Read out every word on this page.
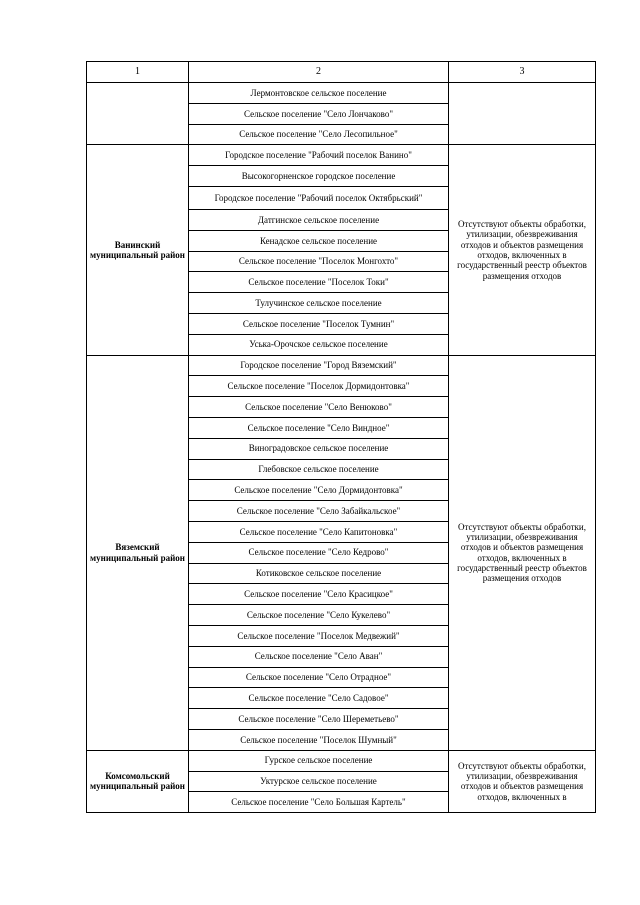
1	2	3
	Лермонтовское сельское поселение	
	Сельское поселение "Село Лончаково"	
	Сельское поселение "Село Лесопильное"	
Ванинский муниципальный район	Городское поселение "Рабочий поселок Ванино"	Отсутствуют объекты обработки, утилизации, обезвреживания отходов и объектов размещения отходов, включенных в государственный реестр объектов размещения отходов
	Высокогорненское городское поселение	
	Городское поселение "Рабочий поселок Октябрьский"	
	Датгинское сельское поселение	
	Кенадское сельское поселение	
	Сельское поселение "Поселок Монгохто"	
	Сельское поселение "Поселок Токи"	
	Тулучинское сельское поселение	
	Сельское поселение "Поселок Тумнин"	
	Уська-Орочское сельское поселение	
Вяземский муниципальный район	Городское поселение "Город Вяземский"	Отсутствуют объекты обработки, утилизации, обезвреживания отходов и объектов размещения отходов, включенных в государственный реестр объектов размещения отходов
	Сельское поселение "Поселок Дормидонтовка"	
	Сельское поселение "Село Венюково"	
	Сельское поселение "Село Виндное"	
	Виноградовское сельское поселение	
	Глебовское сельское поселение	
	Сельское поселение "Село Дормидонтовка"	
	Сельское поселение "Село Забайкальское"	
	Сельское поселение "Село Капитоновка"	
	Сельское поселение "Село Кедрово"	
	Котиковское сельское поселение	
	Сельское поселение "Село Красицкое"	
	Сельское поселение "Село Кукелево"	
	Сельское поселение "Поселок Медвежий"	
	Сельское поселение "Село Аван"	
	Сельское поселение "Село Отрадное"	
	Сельское поселение "Село Садовое"	
	Сельское поселение "Село Шереметьево"	
	Сельское поселение "Поселок Шумный"	
Комсомольский муниципальный район	Гурское сельское поселение	Отсутствуют объекты обработки, утилизации, обезвреживания отходов и объектов размещения отходов, включенных в
	Уктурское сельское поселение	
	Сельское поселение "Село Большая Картель"	
